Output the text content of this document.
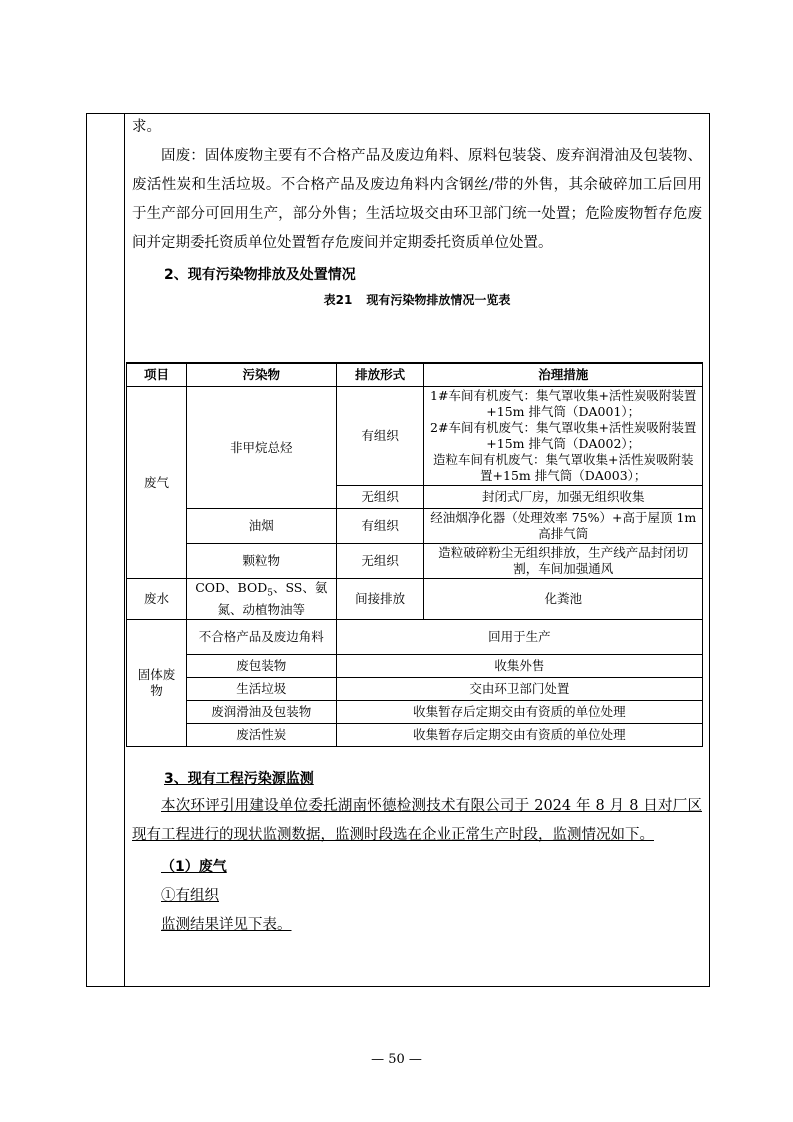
求。

固废：固体废物主要有不合格产品及废边角料、原料包装袋、废弃润滑油及包装物、废活性炭和生活垃圾。不合格产品及废边角料内含钢丝/带的外售，其余破碎加工后回用于生产部分可回用生产，部分外售；生活垃圾交由环卫部门统一处置；危险废物暂存危废间并定期委托资质单位处置暂存危废间并定期委托资质单位处置。

2、现有污染物排放及处置情况
表21 现有污染物排放情况一览表
项目	污染物	排放形式	治理措施
废气	非甲烷总烃	有组织	1#车间有机废气：集气罩收集+活性炭吸附装置+15m 排气筒（DA001）；
2#车间有机废气：集气罩收集+活性炭吸附装置+15m 排气筒（DA002）；
造粒车间有机废气：集气罩收集+活性炭吸附装置+15m 排气筒（DA003）；

		无组织	封闭式厂房，加强无组织收集
	油烟	有组织	经油烟净化器（处理效率 75%）+高于屋顶 1m 高排气筒
	颗粒物	无组织	造粒破碎粉尘无组织排放，生产线产品封闭切割，车间加强通风
废水	COD、$BOD_5$、SS、氨氮、动植物油等	间接排放	化粪池
固体废物	不合格产品及废边角料	回用于生产	
	废包装物	收集外售	
	生活垃圾	交由环卫部门处置	
	废润滑油及包装物	收集暂存后定期交由有资质的单位处理	
	废活性炭	收集暂存后定期交由有资质的单位处理	
3、现有工程污染源监测

本次环评引用建设单位委托湖南怀德检测技术有限公司于 2024 年 8 月 8 日对厂区现有工程进行的现状监测数据，监测时段选在企业正常生产时段，监测情况如下。

（1）废气

①有组织

监测结果详见下表。

— 50 —
